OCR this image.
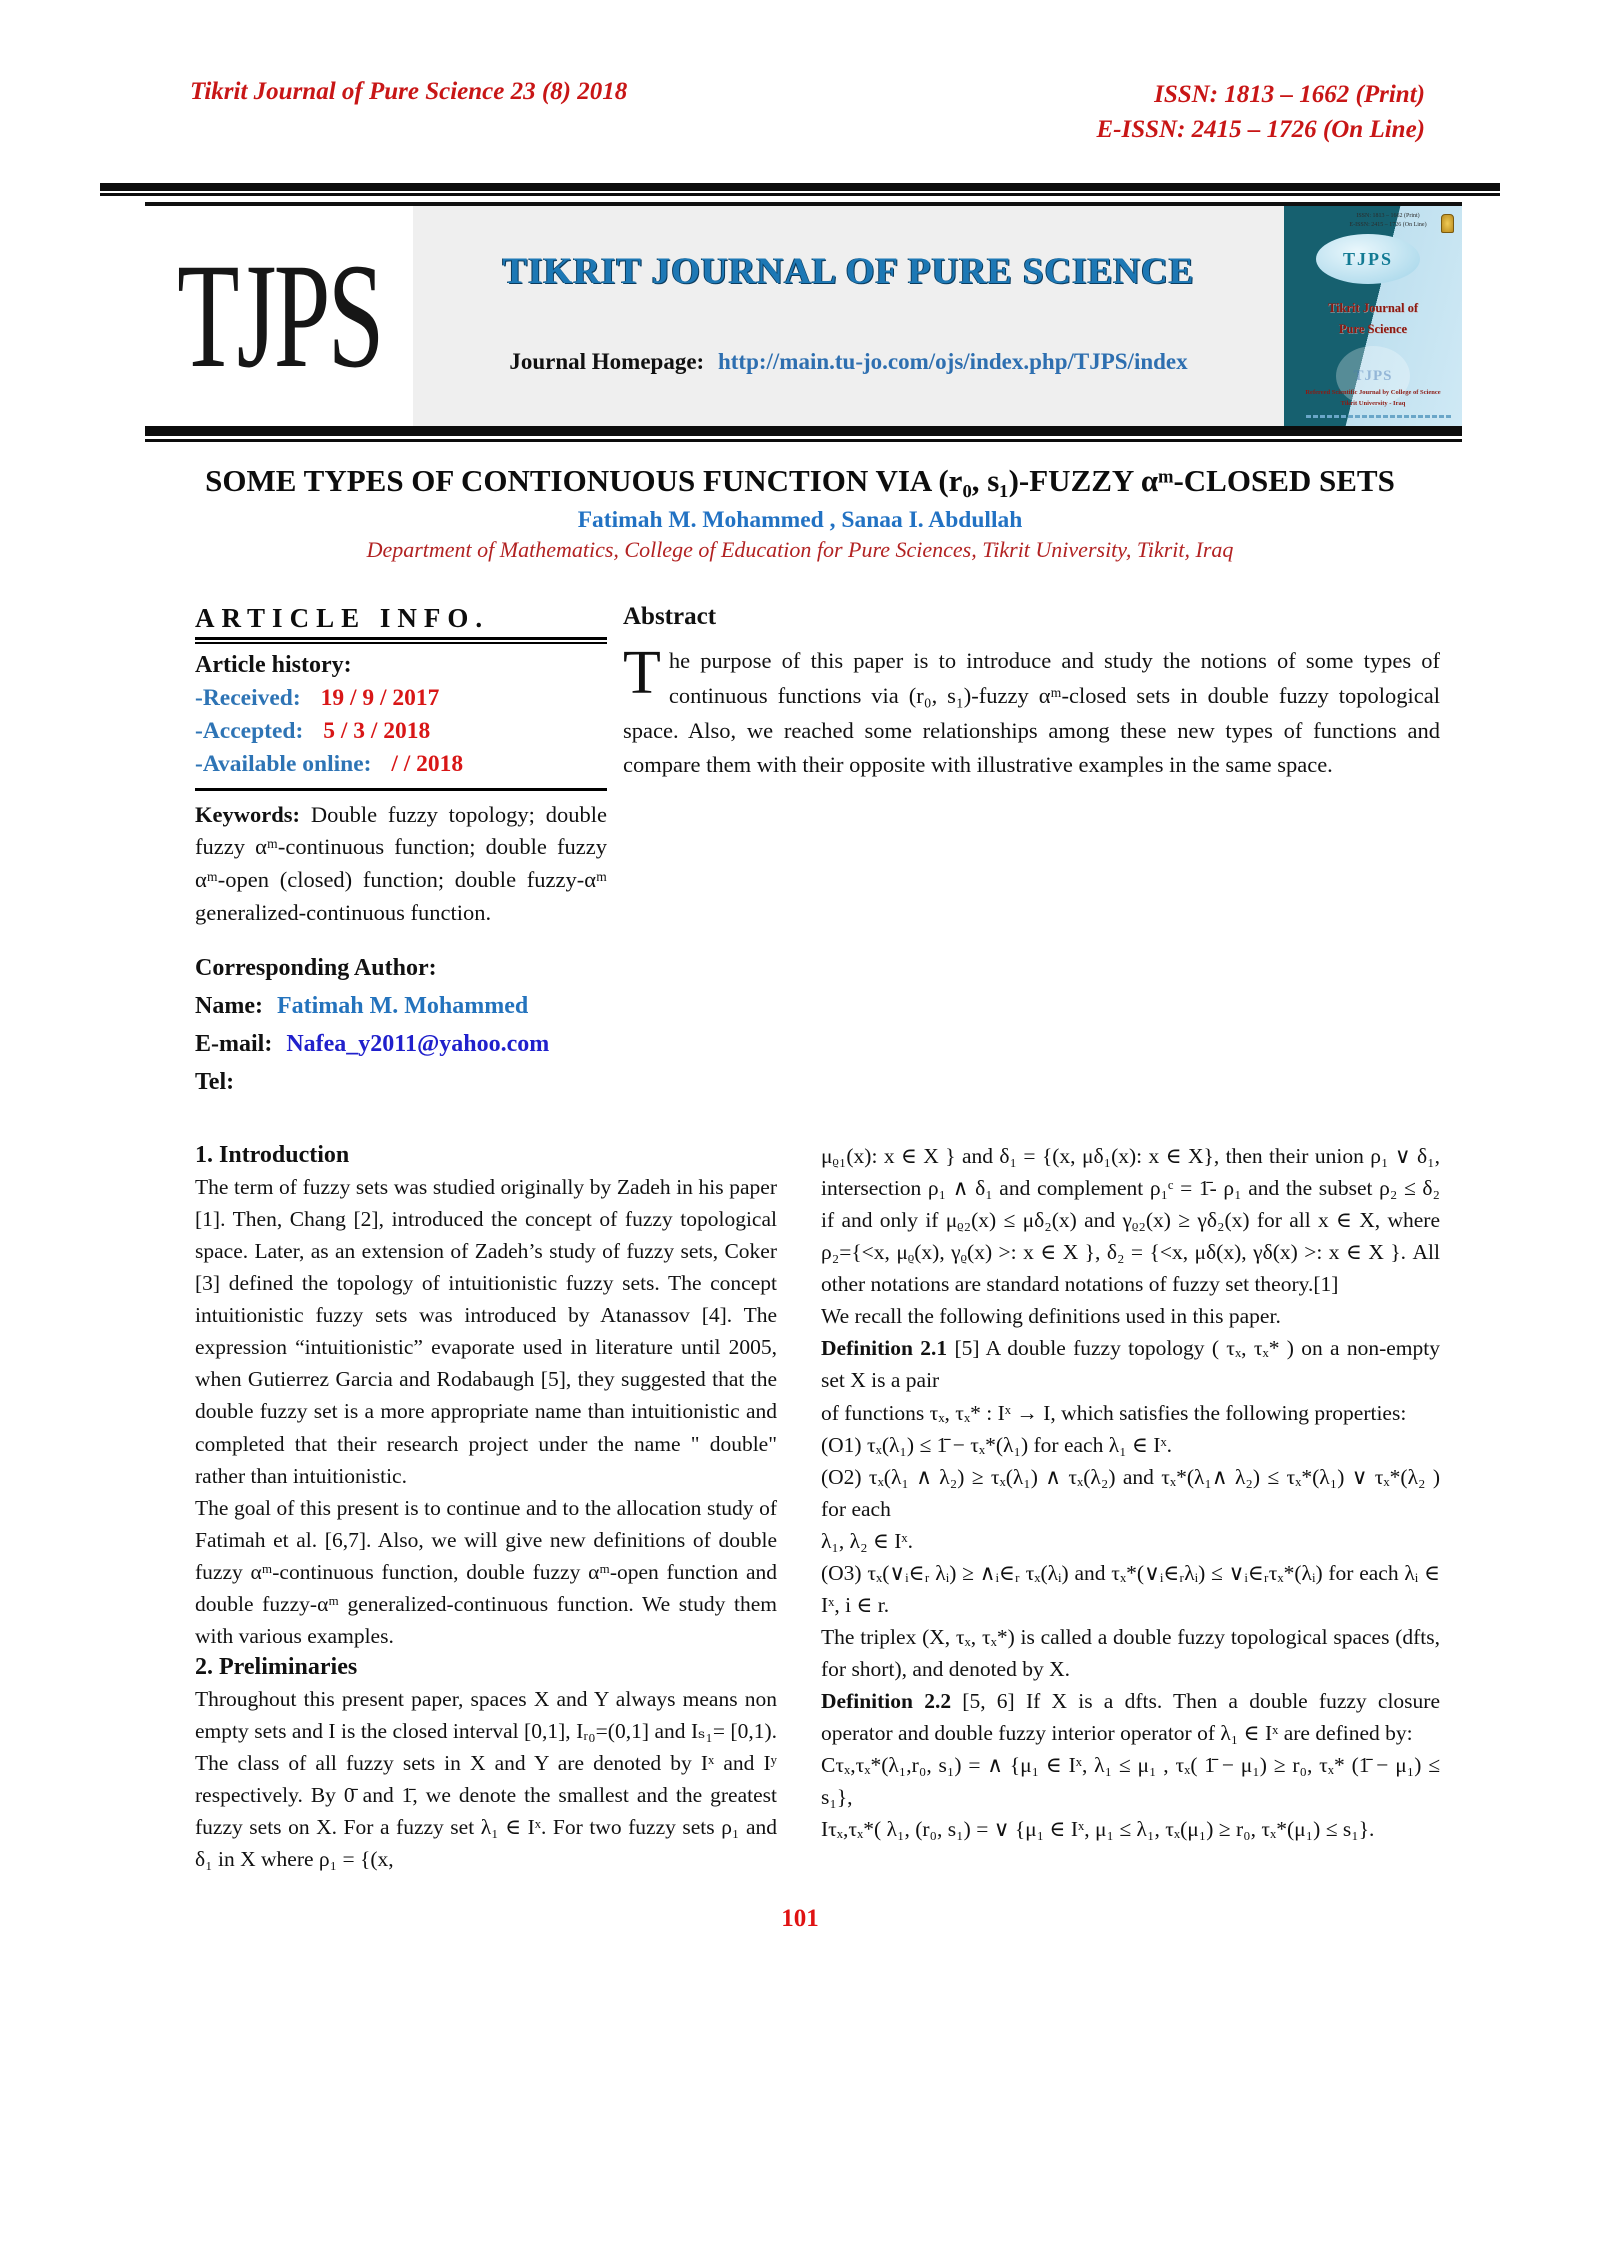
Tikrit Journal of Pure Science 23 (8) 2018	ISSN: 1813 – 1662 (Print)
E-ISSN: 2415 – 1726 (On Line)
TJPS	TIKRIT JOURNAL OF PURE SCIENCE
Journal Homepage: http://main.tu-jo.com/ojs/index.php/TJPS/index
ISSN: 1813 – 1662 (Print)
E-ISSN: 2415 – 1726 (On Line)
TJPS
Tikrit Journal of
Pure Science
TJPS
Refereed Scientific Journal by College of Science
Tikrit University - Iraq
SOME TYPES OF CONTIONUOUS FUNCTION VIA (r₀, s₁)-FUZZY αᵐ-CLOSED SETS
Fatimah M. Mohammed , Sanaa I. Abdullah
Department of Mathematics, College of Education for Pure Sciences, Tikrit University, Tikrit, Iraq
ARTICLE INFO.
Article history:
-Received: 19 / 9 / 2017
-Accepted: 5 / 3 / 2018
-Available online: / / 2018

Keywords: Double fuzzy topology; double fuzzy αᵐ-continuous function; double fuzzy αᵐ-open (closed) function; double fuzzy-αᵐ generalized-continuous function.

Corresponding Author:
Name: Fatimah M. Mohammed
E-mail: Nafea_y2011@yahoo.com
Tel:
Abstract

The purpose of this paper is to introduce and study the notions of some types of continuous functions via (r₀, s₁)-fuzzy αᵐ-closed sets in double fuzzy topological space. Also, we reached some relationships among these new types of functions and compare them with their opposite with illustrative examples in the same space.

1. Introduction

The term of fuzzy sets was studied originally by Zadeh in his paper [1]. Then, Chang [2], introduced the concept of fuzzy topological space. Later, as an extension of Zadeh’s study of fuzzy sets, Coker [3] defined the topology of intuitionistic fuzzy sets. The concept intuitionistic fuzzy sets was introduced by Atanassov [4]. The expression “intuitionistic” evaporate used in literature until 2005, when Gutierrez Garcia and Rodabaugh [5], they suggested that the double fuzzy set is a more appropriate name than intuitionistic and completed that their research project under the name " double" rather than intuitionistic.

The goal of this present is to continue and to the allocation study of Fatimah et al. [6,7]. Also, we will give new definitions of double fuzzy αᵐ-continuous function, double fuzzy αᵐ-open function and double fuzzy-αᵐ generalized-continuous function. We study them with various examples.

2. Preliminaries

Throughout this present paper, spaces X and Y always means non empty sets and I is the closed interval [0,1], Iᵣ₀=(0,1] and Iₛ₁= [0,1). The class of all fuzzy sets in X and Y are denoted by Iˣ and Iʸ respectively. By 0̄ and 1̄, we denote the smallest and the greatest fuzzy sets on X. For a fuzzy set λ₁ ∈ Iˣ. For two fuzzy sets ρ₁ and δ₁ in X where ρ₁ = {(x,

μᵨ₁(x): x ∈ X } and δ₁ = {(x, μδ₁(x): x ∈ X}, then their union ρ₁ ∨ δ₁, intersection ρ₁ ∧ δ₁ and complement ρ₁ᶜ = 1̄- ρ₁ and the subset ρ₂ ≤ δ₂ if and only if μᵨ₂(x) ≤ μδ₂(x) and γᵨ₂(x) ≥ γδ₂(x) for all x ∈ X, where ρ₂={<x, μᵨ(x), γᵨ(x) >: x ∈ X }, δ₂ = {<x, μδ(x), γδ(x) >: x ∈ X }. All other notations are standard notations of fuzzy set theory.[1]

We recall the following definitions used in this paper.

Definition 2.1 [5] A double fuzzy topology ( τₓ, τₓ* ) on a non-empty set X is a pair

of functions τₓ, τₓ* : Iˣ → I, which satisfies the following properties:

(O1) τₓ(λ₁) ≤ 1̄ − τₓ*(λ₁) for each λ₁ ∈ Iˣ.

(O2) τₓ(λ₁ ∧ λ₂) ≥ τₓ(λ₁) ∧ τₓ(λ₂) and τₓ*(λ₁∧ λ₂) ≤ τₓ*(λ₁) ∨ τₓ*(λ₂ ) for each

λ₁, λ₂ ∈ Iˣ.

(O3) τₓ(∨ᵢ∈ᵣ λᵢ) ≥ ∧ᵢ∈ᵣ τₓ(λᵢ) and τₓ*(∨ᵢ∈ᵣλᵢ) ≤ ∨ᵢ∈ᵣτₓ*(λᵢ) for each λᵢ ∈ Iˣ, i ∈ r.

The triplex (X, τₓ, τₓ*) is called a double fuzzy topological spaces (dfts, for short), and denoted by X.

Definition 2.2 [5, 6] If X is a dfts. Then a double fuzzy closure operator and double fuzzy interior operator of λ₁ ∈ Iˣ are defined by:

Cτₓ,τₓ*(λ₁,r₀, s₁) = ∧ {μ₁ ∈ Iˣ, λ₁ ≤ μ₁ , τₓ( 1̄ − μ₁) ≥ r₀, τₓ* (1̄ − μ₁) ≤ s₁},

Iτₓ,τₓ*( λ₁, (r₀, s₁) = ∨ {μ₁ ∈ Iˣ, μ₁ ≤ λ₁, τₓ(μ₁) ≥ r₀, τₓ*(μ₁) ≤ s₁}.

101
